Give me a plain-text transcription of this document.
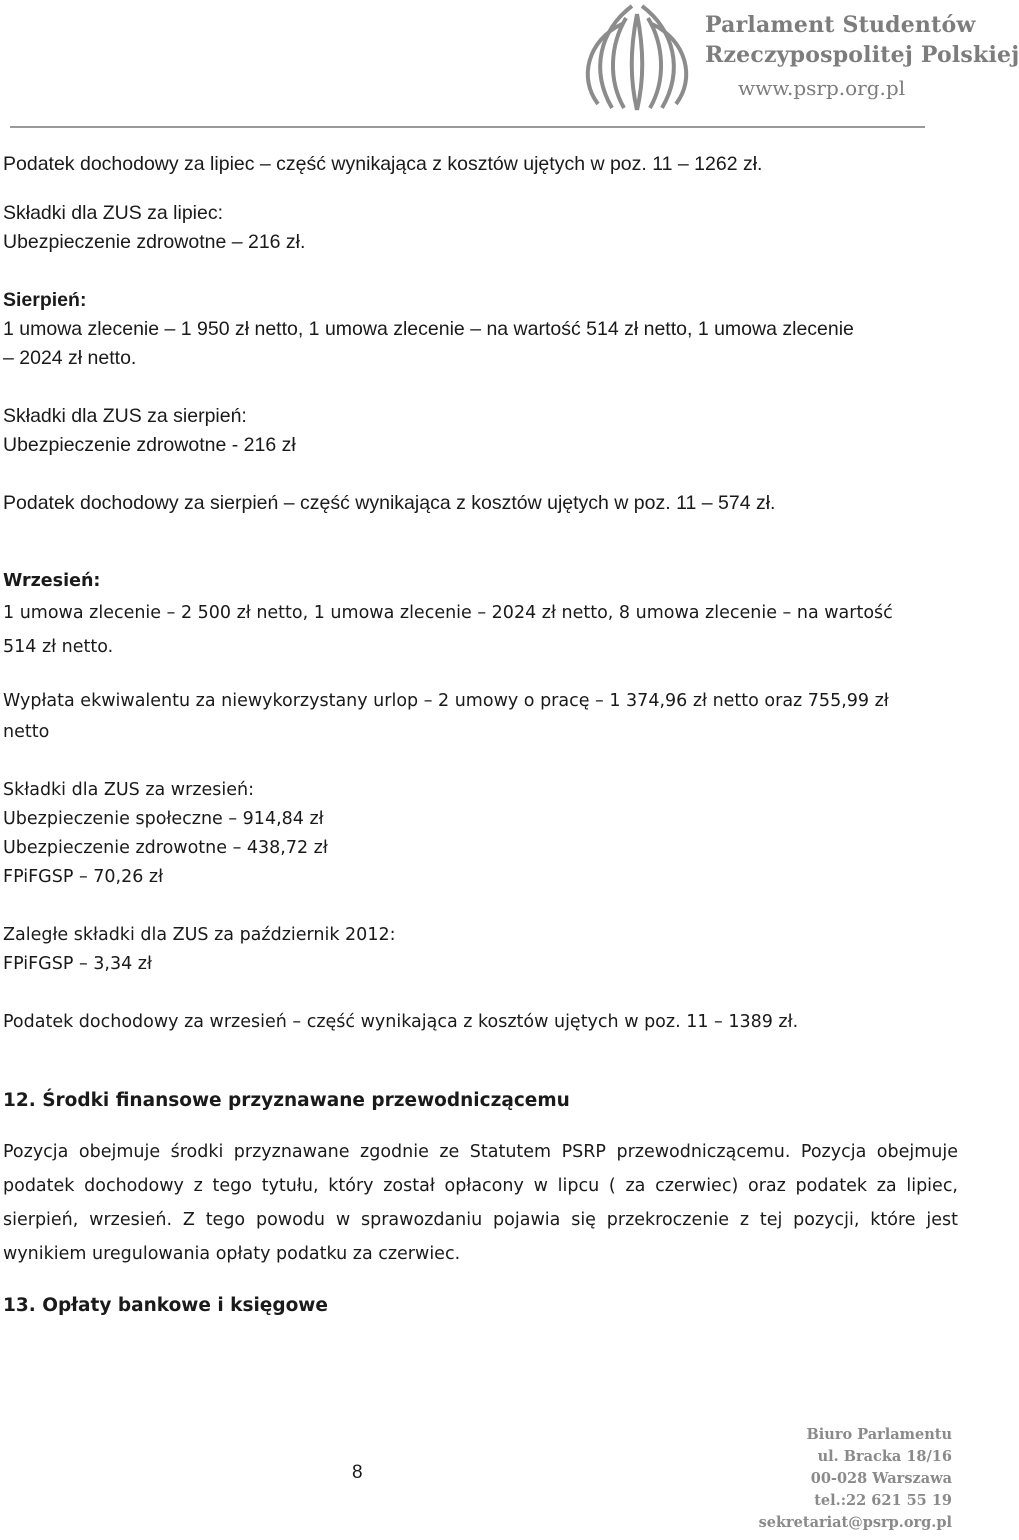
Parlament Studentów
Rzeczypospolitej Polskiej
www.psrp.org.pl
Podatek dochodowy za lipiec – część wynikająca z kosztów ujętych w poz. 11 – 1262 zł.
Składki dla ZUS za lipiec:
Ubezpieczenie zdrowotne – 216 zł.
Sierpień:
1 umowa zlecenie – 1 950 zł netto, 1 umowa zlecenie – na wartość 514 zł netto, 1 umowa zlecenie
– 2024 zł netto.
Składki dla ZUS za sierpień:
Ubezpieczenie zdrowotne - 216 zł
Podatek dochodowy za sierpień – część wynikająca z kosztów ujętych w poz. 11 – 574 zł.
Wrzesień:
1 umowa zlecenie – 2 500 zł netto, 1 umowa zlecenie – 2024 zł netto, 8 umowa zlecenie – na wartość
514 zł netto.
Wypłata ekwiwalentu za niewykorzystany urlop – 2 umowy o pracę – 1 374,96 zł netto oraz 755,99 zł
netto
Składki dla ZUS za wrzesień:
Ubezpieczenie społeczne – 914,84 zł
Ubezpieczenie zdrowotne – 438,72 zł
FPiFGSP – 70,26 zł
Zaległe składki dla ZUS za październik 2012:
FPiFGSP – 3,34 zł
Podatek dochodowy za wrzesień – część wynikająca z kosztów ujętych w poz. 11 – 1389 zł.
12. Środki finansowe przyznawane przewodniczącemu
Pozycja obejmuje środki przyznawane zgodnie ze Statutem PSRP przewodniczącemu. Pozycja obejmuje podatek dochodowy z tego tytułu, który został opłacony w lipcu ( za czerwiec) oraz podatek za lipiec, sierpień, wrzesień. Z tego powodu w sprawozdaniu pojawia się przekroczenie z tej pozycji, które jest wynikiem uregulowania opłaty podatku za czerwiec.
13. Opłaty bankowe i księgowe
8
Biuro Parlamentu
ul. Bracka 18/16
00-028 Warszawa
tel.:22 621 55 19
sekretariat@psrp.org.pl
